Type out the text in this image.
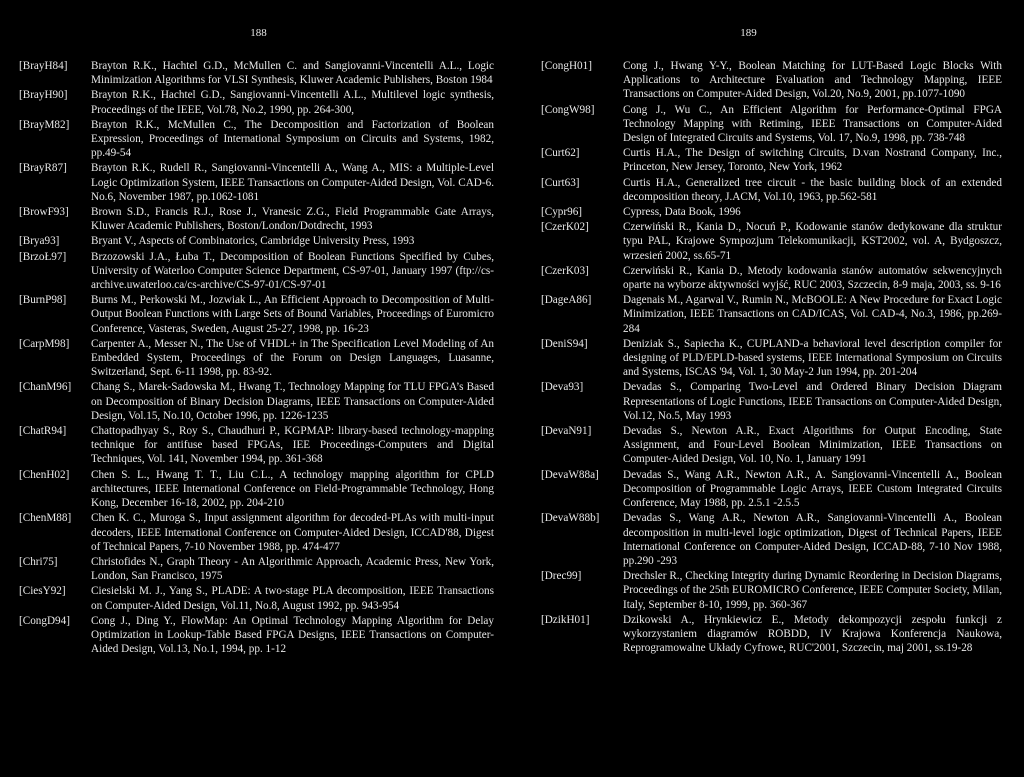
188
[BrayH84]	Brayton R.K., Hachtel G.D., McMullen C. and Sangiovanni-Vincentelli A.L., Logic Minimization Algorithms for VLSI Synthesis, Kluwer Academic Publishers, Boston 1984
[BrayH90]	Brayton R.K., Hachtel G.D., Sangiovanni-Vincentelli A.L., Multilevel logic synthesis, Proceedings of the IEEE, Vol.78, No.2, 1990, pp. 264-300,
[BrayM82]	Brayton R.K., McMullen C., The Decomposition and Factorization of Boolean Expression, Proceedings of International Symposium on Circuits and Systems, 1982, pp.49-54
[BrayR87]	Brayton R.K., Rudell R., Sangiovanni-Vincentelli A., Wang A., MIS: a Multiple-Level Logic Optimization System, IEEE Transactions on Computer-Aided Design, Vol. CAD-6. No.6, November 1987, pp.1062-1081
[BrowF93]	Brown S.D., Francis R.J., Rose J., Vranesic Z.G., Field Programmable Gate Arrays, Kluwer Academic Publishers, Boston/London/Dotdrecht, 1993
[Brya93]	Bryant V., Aspects of Combinatorics, Cambridge University Press, 1993
[BrzoŁ97]	Brzozowski J.A., Łuba T., Decomposition of Boolean Functions Specified by Cubes, University of Waterloo Computer Science Department, CS-97-01, January 1997 (ftp://cs-archive.uwaterloo.ca/cs-archive/CS-97-01/CS-97-01
[BurnP98]	Burns M., Perkowski M., Jozwiak L., An Efficient Approach to Decomposition of Multi-Output Boolean Functions with Large Sets of Bound Variables, Proceedings of Euromicro Conference, Vasteras, Sweden, August 25-27, 1998, pp. 16-23
[CarpM98]	Carpenter A., Messer N., The Use of VHDL+ in The Specification Level Modeling of An Embedded System, Proceedings of the Forum on Design Languages, Luasanne, Switzerland, Sept. 6-11 1998, pp. 83-92.
[ChanM96]	Chang S., Marek-Sadowska M., Hwang T., Technology Mapping for TLU FPGA’s Based on Decomposition of Binary Decision Diagrams, IEEE Transactions on Computer-Aided Design, Vol.15, No.10, October 1996, pp. 1226-1235
[ChatR94]	Chattopadhyay S., Roy S., Chaudhuri P., KGPMAP: library-based technology-mapping technique for antifuse based FPGAs, IEE Proceedings-Computers and Digital Techniques, Vol. 141, November 1994, pp. 361-368
[ChenH02]	Chen S. L., Hwang T. T., Liu C.L., A technology mapping algorithm for CPLD architectures, IEEE International Conference on Field-Programmable Technology, Hong Kong, December 16-18, 2002, pp. 204-210
[ChenM88]	Chen K. C., Muroga S., Input assignment algorithm for decoded-PLAs with multi-input decoders, IEEE International Conference on Computer-Aided Design, ICCAD'88, Digest of Technical Papers, 7-10 November 1988, pp. 474-477
[Chri75]	Christofides N., Graph Theory - An Algorithmic Approach, Academic Press, New York, London, San Francisco, 1975
[CiesY92]	Ciesielski M. J., Yang S., PLADE: A two-stage PLA decomposition, IEEE Transactions on Computer-Aided Design, Vol.11, No.8, August 1992, pp. 943-954
[CongD94]	Cong J., Ding Y., FlowMap: An Optimal Technology Mapping Algorithm for Delay Optimization in Lookup-Table Based FPGA Designs, IEEE Transactions on Computer-Aided Design, Vol.13, No.1, 1994, pp. 1-12
189
[CongH01]	Cong J., Hwang Y-Y., Boolean Matching for LUT-Based Logic Blocks With Applications to Architecture Evaluation and Technology Mapping, IEEE Transactions on Computer-Aided Design, Vol.20, No.9, 2001, pp.1077-1090
[CongW98]	Cong J., Wu C., An Efficient Algorithm for Performance-Optimal FPGA Technology Mapping with Retiming, IEEE Transactions on Computer-Aided Design of Integrated Circuits and Systems, Vol. 17, No.9, 1998, pp. 738-748
[Curt62]	Curtis H.A., The Design of switching Circuits, D.van Nostrand Company, Inc., Princeton, New Jersey, Toronto, New York, 1962
[Curt63]	Curtis H.A., Generalized tree circuit - the basic building block of an extended decomposition theory, J.ACM, Vol.10, 1963, pp.562-581
[Cypr96]	Cypress, Data Book, 1996
[CzerK02]	Czerwiński R., Kania D., Nocuń P., Kodowanie stanów dedykowane dla struktur typu PAL, Krajowe Sympozjum Telekomunikacji, KST2002, vol. A, Bydgoszcz, wrzesień 2002, ss.65-71
[CzerK03]	Czerwiński R., Kania D., Metody kodowania stanów automatów sekwencyjnych oparte na wyborze aktywności wyjść, RUC 2003, Szczecin, 8-9 maja, 2003, ss. 9-16
[DageA86]	Dagenais M., Agarwal V., Rumin N., McBOOLE: A New Procedure for Exact Logic Minimization, IEEE Transactions on CAD/ICAS, Vol. CAD-4, No.3, 1986, pp.269-284
[DeniS94]	Deniziak S., Sapiecha K., CUPLAND-a behavioral level description compiler for designing of PLD/EPLD-based systems, IEEE International Symposium on Circuits and Systems, ISCAS '94, Vol. 1, 30 May-2 Jun 1994, pp. 201-204
[Deva93]	Devadas S., Comparing Two-Level and Ordered Binary Decision Diagram Representations of Logic Functions, IEEE Transactions on Computer-Aided Design, Vol.12, No.5, May 1993
[DevaN91]	Devadas S., Newton A.R., Exact Algorithms for Output Encoding, State Assignment, and Four-Level Boolean Minimization, IEEE Transactions on Computer-Aided Design, Vol. 10, No. 1, January 1991
[DevaW88a]	Devadas S., Wang A.R., Newton A.R., A. Sangiovanni-Vincentelli A., Boolean Decomposition of Programmable Logic Arrays, IEEE Custom Integrated Circuits Conference, May 1988, pp. 2.5.1 -2.5.5
[DevaW88b]	Devadas S., Wang A.R., Newton A.R., Sangiovanni-Vincentelli A., Boolean decomposition in multi-level logic optimization, Digest of Technical Papers, IEEE International Conference on Computer-Aided Design, ICCAD-88, 7-10 Nov 1988, pp.290 -293
[Drec99]	Drechsler R., Checking Integrity during Dynamic Reordering in Decision Diagrams, Proceedings of the 25th EUROMICRO Conference, IEEE Computer Society, Milan, Italy, September 8-10, 1999, pp. 360-367
[DzikH01]	Dzikowski A., Hrynkiewicz E., Metody dekompozycji zespołu funkcji z wykorzystaniem diagramów ROBDD, IV Krajowa Konferencja Naukowa, Reprogramowalne Układy Cyfrowe, RUC'2001, Szczecin, maj 2001, ss.19-28
